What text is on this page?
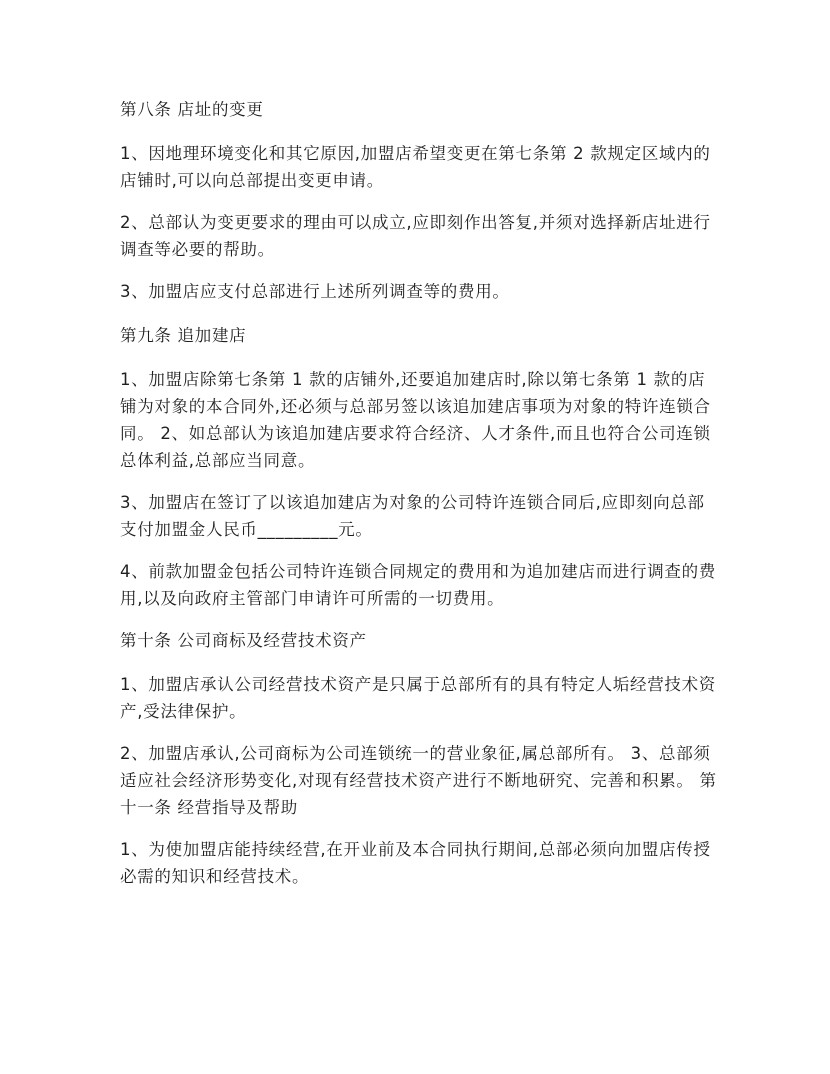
第八条 店址的变更
1、因地理环境变化和其它原因,加盟店希望变更在第七条第 2 款规定区域内的店铺时,可以向总部提出变更申请。
2、总部认为变更要求的理由可以成立,应即刻作出答复,并须对选择新店址进行调查等必要的帮助。
3、加盟店应支付总部进行上述所列调查等的费用。
第九条 追加建店
1、加盟店除第七条第 1 款的店铺外,还要追加建店时,除以第七条第 1 款的店铺为对象的本合同外,还必须与总部另签以该追加建店事项为对象的特许连锁合同。 2、如总部认为该追加建店要求符合经济、人才条件,而且也符合公司连锁总体利益,总部应当同意。
3、加盟店在签订了以该追加建店为对象的公司特许连锁合同后,应即刻向总部支付加盟金人民币_________元。
4、前款加盟金包括公司特许连锁合同规定的费用和为追加建店而进行调查的费用,以及向政府主管部门申请许可所需的一切费用。
第十条 公司商标及经营技术资产
1、加盟店承认公司经营技术资产是只属于总部所有的具有特定人垢经营技术资产,受法律保护。
2、加盟店承认,公司商标为公司连锁统一的营业象征,属总部所有。 3、总部须适应社会经济形势变化,对现有经营技术资产进行不断地研究、完善和积累。 第十一条 经营指导及帮助
1、为使加盟店能持续经营,在开业前及本合同执行期间,总部必须向加盟店传授必需的知识和经营技术。
